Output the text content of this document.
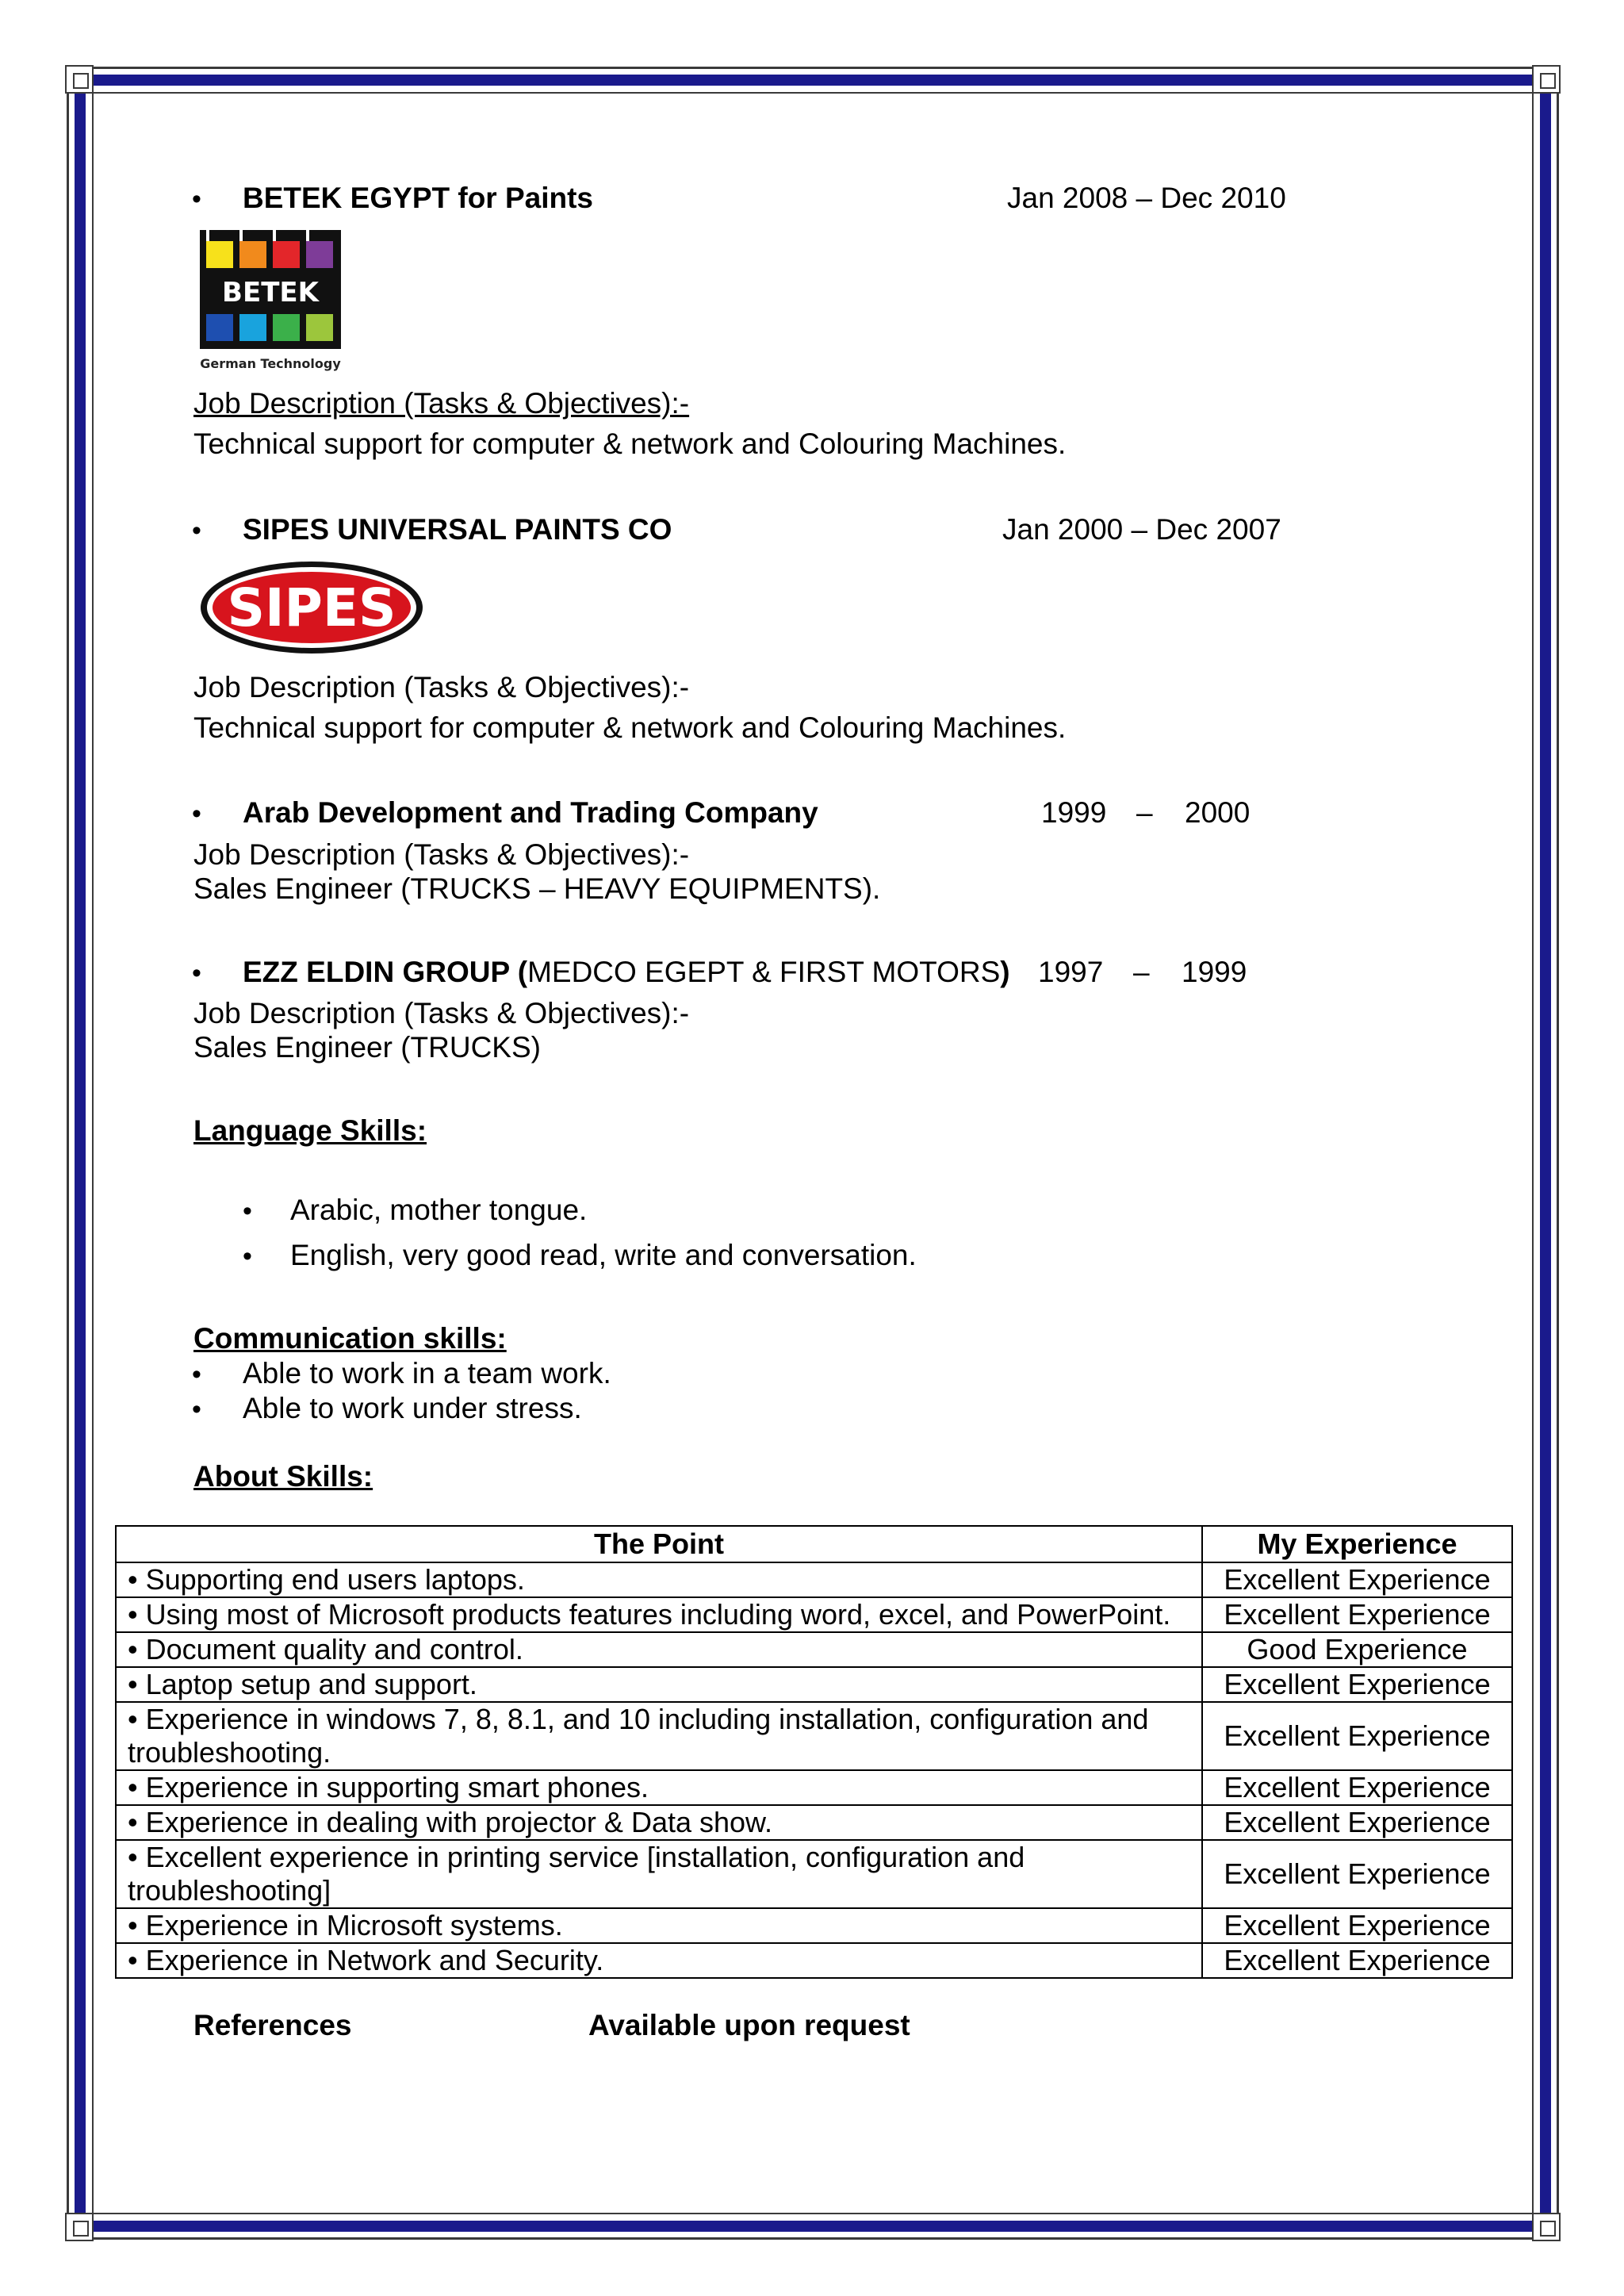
• BETEK EGYPT for Paints	Jan 2008 – Dec 2010
BETEK
German Technology
Job Description (Tasks & Objectives):-
Technical support for computer & network and Colouring Machines.
• SIPES UNIVERSAL PAINTS CO	Jan 2000 – Dec 2007
SIPES
Job Description (Tasks & Objectives):-
Technical support for computer & network and Colouring Machines.
• Arab Development and Trading Company	1999 – 2000
Job Description (Tasks & Objectives):-
Sales Engineer (TRUCKS – HEAVY EQUIPMENTS).
• EZZ ELDIN GROUP (MEDCO EGEPT & FIRST MOTORS) 1997 – 1999
Job Description (Tasks & Objectives):-
Sales Engineer (TRUCKS)
Language Skills:
• Arabic, mother tongue.
• English, very good read, write and conversation.
Communication skills:
• Able to work in a team work.
• Able to work under stress.
About Skills:
The Point	My Experience
• Supporting end users laptops.	Excellent Experience
• Using most of Microsoft products features including word, excel, and PowerPoint.	Excellent Experience
• Document quality and control.	Good Experience
• Laptop setup and support.	Excellent Experience
• Experience in windows 7, 8, 8.1, and 10 including installation, configuration and troubleshooting.	Excellent Experience
• Experience in supporting smart phones.	Excellent Experience
• Experience in dealing with projector & Data show.	Excellent Experience
• Excellent experience in printing service [installation, configuration and troubleshooting]	Excellent Experience
• Experience in Microsoft systems.	Excellent Experience
• Experience in Network and Security.	Excellent Experience
References	Available upon request
